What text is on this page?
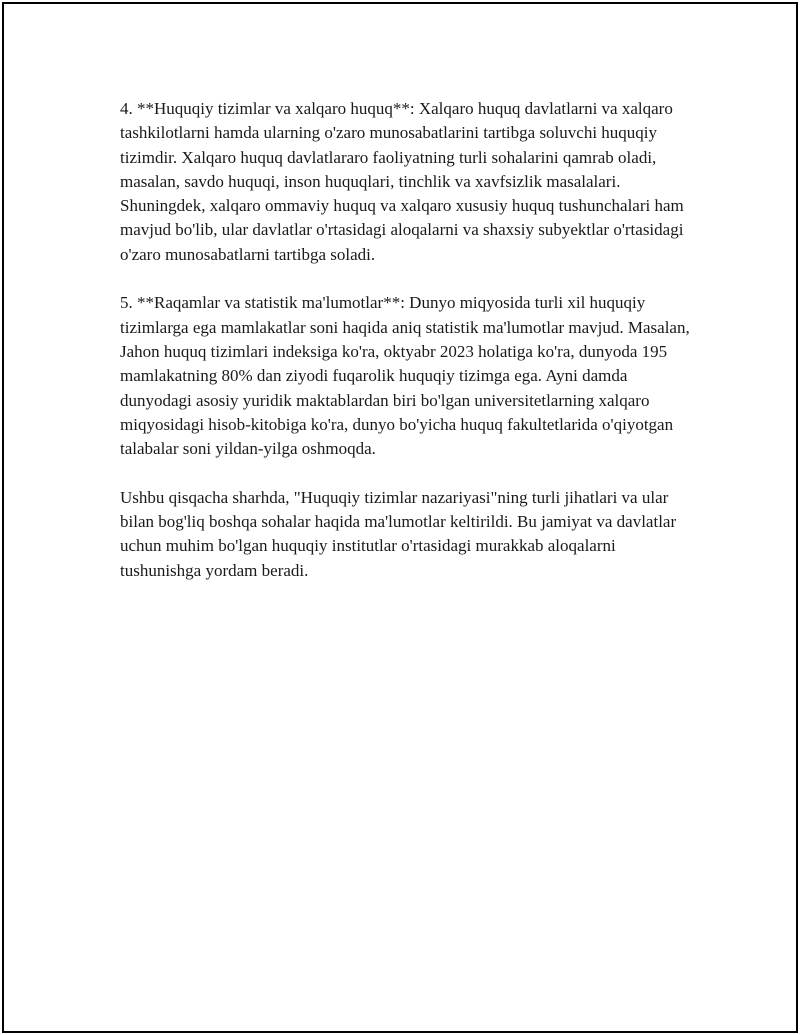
4. **Huquqiy tizimlar va xalqaro huquq**: Xalqaro huquq davlatlarni va xalqaro tashkilotlarni hamda ularning o'zaro munosabatlarini tartibga soluvchi huquqiy tizimdir. Xalqaro huquq davlatlararo faoliyatning turli sohalarini qamrab oladi, masalan, savdo huquqi, inson huquqlari, tinchlik va xavfsizlik masalalari. Shuningdek, xalqaro ommaviy huquq va xalqaro xususiy huquq tushunchalari ham mavjud bo'lib, ular davlatlar o'rtasidagi aloqalarni va shaxsiy subyektlar o'rtasidagi o'zaro munosabatlarni tartibga soladi.

5. **Raqamlar va statistik ma'lumotlar**: Dunyo miqyosida turli xil huquqiy tizimlarga ega mamlakatlar soni haqida aniq statistik ma'lumotlar mavjud. Masalan, Jahon huquq tizimlari indeksiga ko'ra, oktyabr 2023 holatiga ko'ra, dunyoda 195 mamlakatning 80% dan ziyodi fuqarolik huquqiy tizimga ega. Ayni damda dunyodagi asosiy yuridik maktablardan biri bo'lgan universitetlarning xalqaro miqyosidagi hisob-kitobiga ko'ra, dunyo bo'yicha huquq fakultetlarida o'qiyotgan talabalar soni yildan-yilga oshmoqda.

Ushbu qisqacha sharhda, "Huquqiy tizimlar nazariyasi"ning turli jihatlari va ular bilan bog'liq boshqa sohalar haqida ma'lumotlar keltirildi. Bu jamiyat va davlatlar uchun muhim bo'lgan huquqiy institutlar o'rtasidagi murakkab aloqalarni tushunishga yordam beradi.
